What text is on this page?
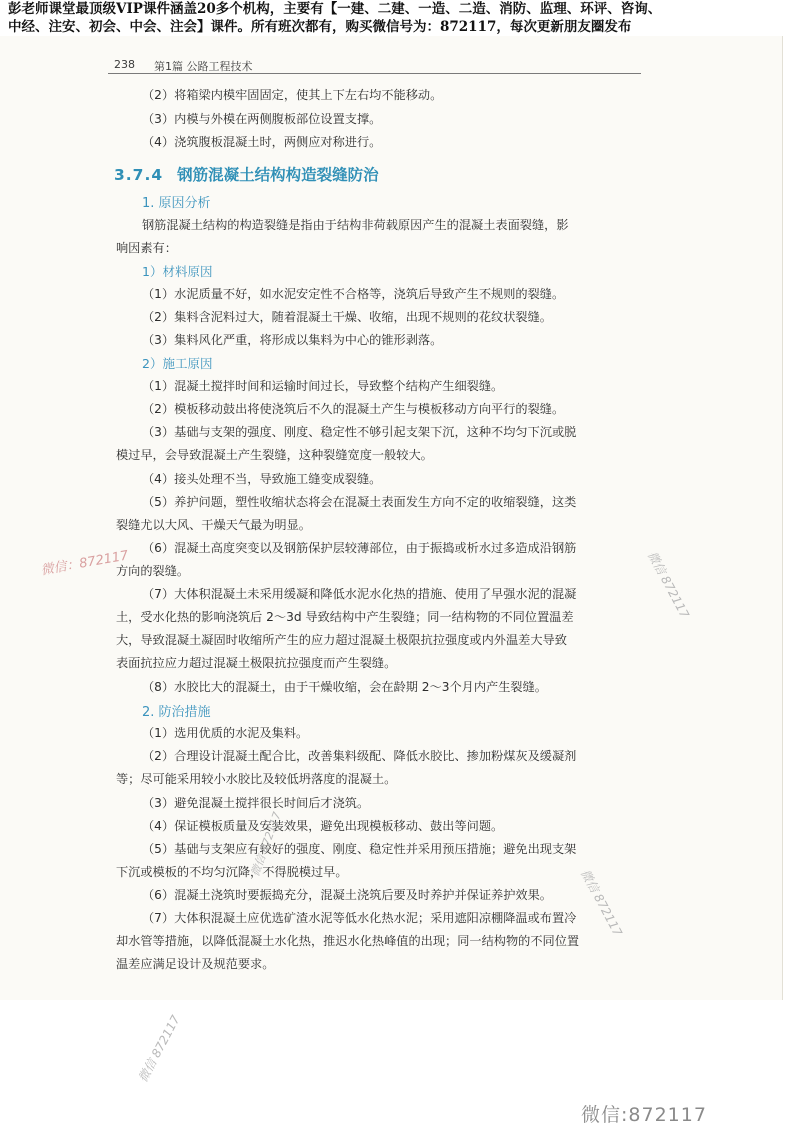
彭老师课堂最顶级VIP课件涵盖20多个机构，主要有【一建、二建、一造、二造、消防、监理、环评、咨询、
中经、注安、初会、中会、注会】课件。所有班次都有，购买微信号为：872117，每次更新朋友圈发布
238 第1篇 公路工程技术
（2）将箱梁内模牢固固定，使其上下左右均不能移动。
（3）内模与外模在两侧腹板部位设置支撑。
（4）浇筑腹板混凝土时，两侧应对称进行。
3.7.4 钢筋混凝土结构构造裂缝防治
1. 原因分析
钢筋混凝土结构的构造裂缝是指由于结构非荷载原因产生的混凝土表面裂缝，影
响因素有：
1）材料原因
（1）水泥质量不好，如水泥安定性不合格等，浇筑后导致产生不规则的裂缝。
（2）集料含泥料过大，随着混凝土干燥、收缩，出现不规则的花纹状裂缝。
（3）集料风化严重，将形成以集料为中心的锥形剥落。
2）施工原因
（1）混凝土搅拌时间和运输时间过长，导致整个结构产生细裂缝。
（2）模板移动鼓出将使浇筑后不久的混凝土产生与模板移动方向平行的裂缝。
（3）基础与支架的强度、刚度、稳定性不够引起支架下沉，这种不均匀下沉或脱
模过早，会导致混凝土产生裂缝，这种裂缝宽度一般较大。
（4）接头处理不当，导致施工缝变成裂缝。
（5）养护问题，塑性收缩状态将会在混凝土表面发生方向不定的收缩裂缝，这类
裂缝尤以大风、干燥天气最为明显。
（6）混凝土高度突变以及钢筋保护层较薄部位，由于振捣或析水过多造成沿钢筋
方向的裂缝。
（7）大体积混凝土未采用缓凝和降低水泥水化热的措施、使用了早强水泥的混凝
土，受水化热的影响浇筑后 2～3d 导致结构中产生裂缝；同一结构物的不同位置温差
大，导致混凝土凝固时收缩所产生的应力超过混凝土极限抗拉强度或内外温差大导致
表面抗拉应力超过混凝土极限抗拉强度而产生裂缝。
（8）水胶比大的混凝土，由于干燥收缩，会在龄期 2～3个月内产生裂缝。
2. 防治措施
（1）选用优质的水泥及集料。
（2）合理设计混凝土配合比，改善集料级配、降低水胶比、掺加粉煤灰及缓凝剂
等；尽可能采用较小水胶比及较低坍落度的混凝土。
（3）避免混凝土搅拌很长时间后才浇筑。
（4）保证模板质量及安装效果，避免出现模板移动、鼓出等问题。
（5）基础与支架应有较好的强度、刚度、稳定性并采用预压措施；避免出现支架
下沉或模板的不均匀沉降，不得脱模过早。
（6）混凝土浇筑时要振捣充分，混凝土浇筑后要及时养护并保证养护效果。
（7）大体积混凝土应优选矿渣水泥等低水化热水泥；采用遮阳凉棚降温或布置冷
却水管等措施，以降低混凝土水化热，推迟水化热峰值的出现；同一结构物的不同位置
温差应满足设计及规范要求。
微信：872117	微信 872117
微信 872117
微信 872117
微信 872117
微信:872117
